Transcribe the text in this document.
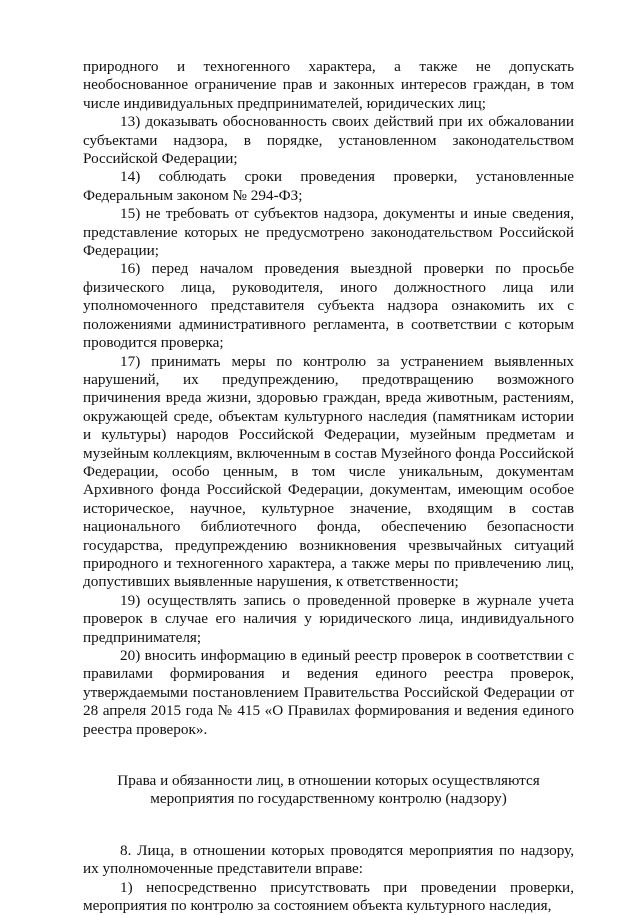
природного и техногенного характера, а также не допускать необоснованное ограничение прав и законных интересов граждан, в том числе индивидуальных предпринимателей, юридических лиц;

13) доказывать обоснованность своих действий при их обжаловании субъектами надзора, в порядке, установленном законодательством Российской Федерации;

14) соблюдать сроки проведения проверки, установленные Федеральным законом № 294-ФЗ;

15) не требовать от субъектов надзора, документы и иные сведения, представление которых не предусмотрено законодательством Российской Федерации;

16) перед началом проведения выездной проверки по просьбе физического лица, руководителя, иного должностного лица или уполномоченного представителя субъекта надзора ознакомить их с положениями административного регламента, в соответствии с которым проводится проверка;

17) принимать меры по контролю за устранением выявленных нарушений, их предупреждению, предотвращению возможного причинения вреда жизни, здоровью граждан, вреда животным, растениям, окружающей среде, объектам культурного наследия (памятникам истории и культуры) народов Российской Федерации, музейным предметам и музейным коллекциям, включенным в состав Музейного фонда Российской Федерации, особо ценным, в том числе уникальным, документам Архивного фонда Российской Федерации, документам, имеющим особое историческое, научное, культурное значение, входящим в состав национального библиотечного фонда, обеспечению безопасности государства, предупреждению возникновения чрезвычайных ситуаций природного и техногенного характера, а также меры по привлечению лиц, допустивших выявленные нарушения, к ответственности;

19) осуществлять запись о проведенной проверке в журнале учета проверок в случае его наличия у юридического лица, индивидуального предпринимателя;

20) вносить информацию в единый реестр проверок в соответствии с правилами формирования и ведения единого реестра проверок, утверждаемыми постановлением Правительства Российской Федерации от 28 апреля 2015 года № 415 «О Правилах формирования и ведения единого реестра проверок».

Права и обязанности лиц, в отношении которых осуществляются
мероприятия по государственному контролю (надзору)

8. Лица, в отношении которых проводятся мероприятия по надзору, их уполномоченные представители вправе:

1) непосредственно присутствовать при проведении проверки, мероприятия по контролю за состоянием объекта культурного наследия,
